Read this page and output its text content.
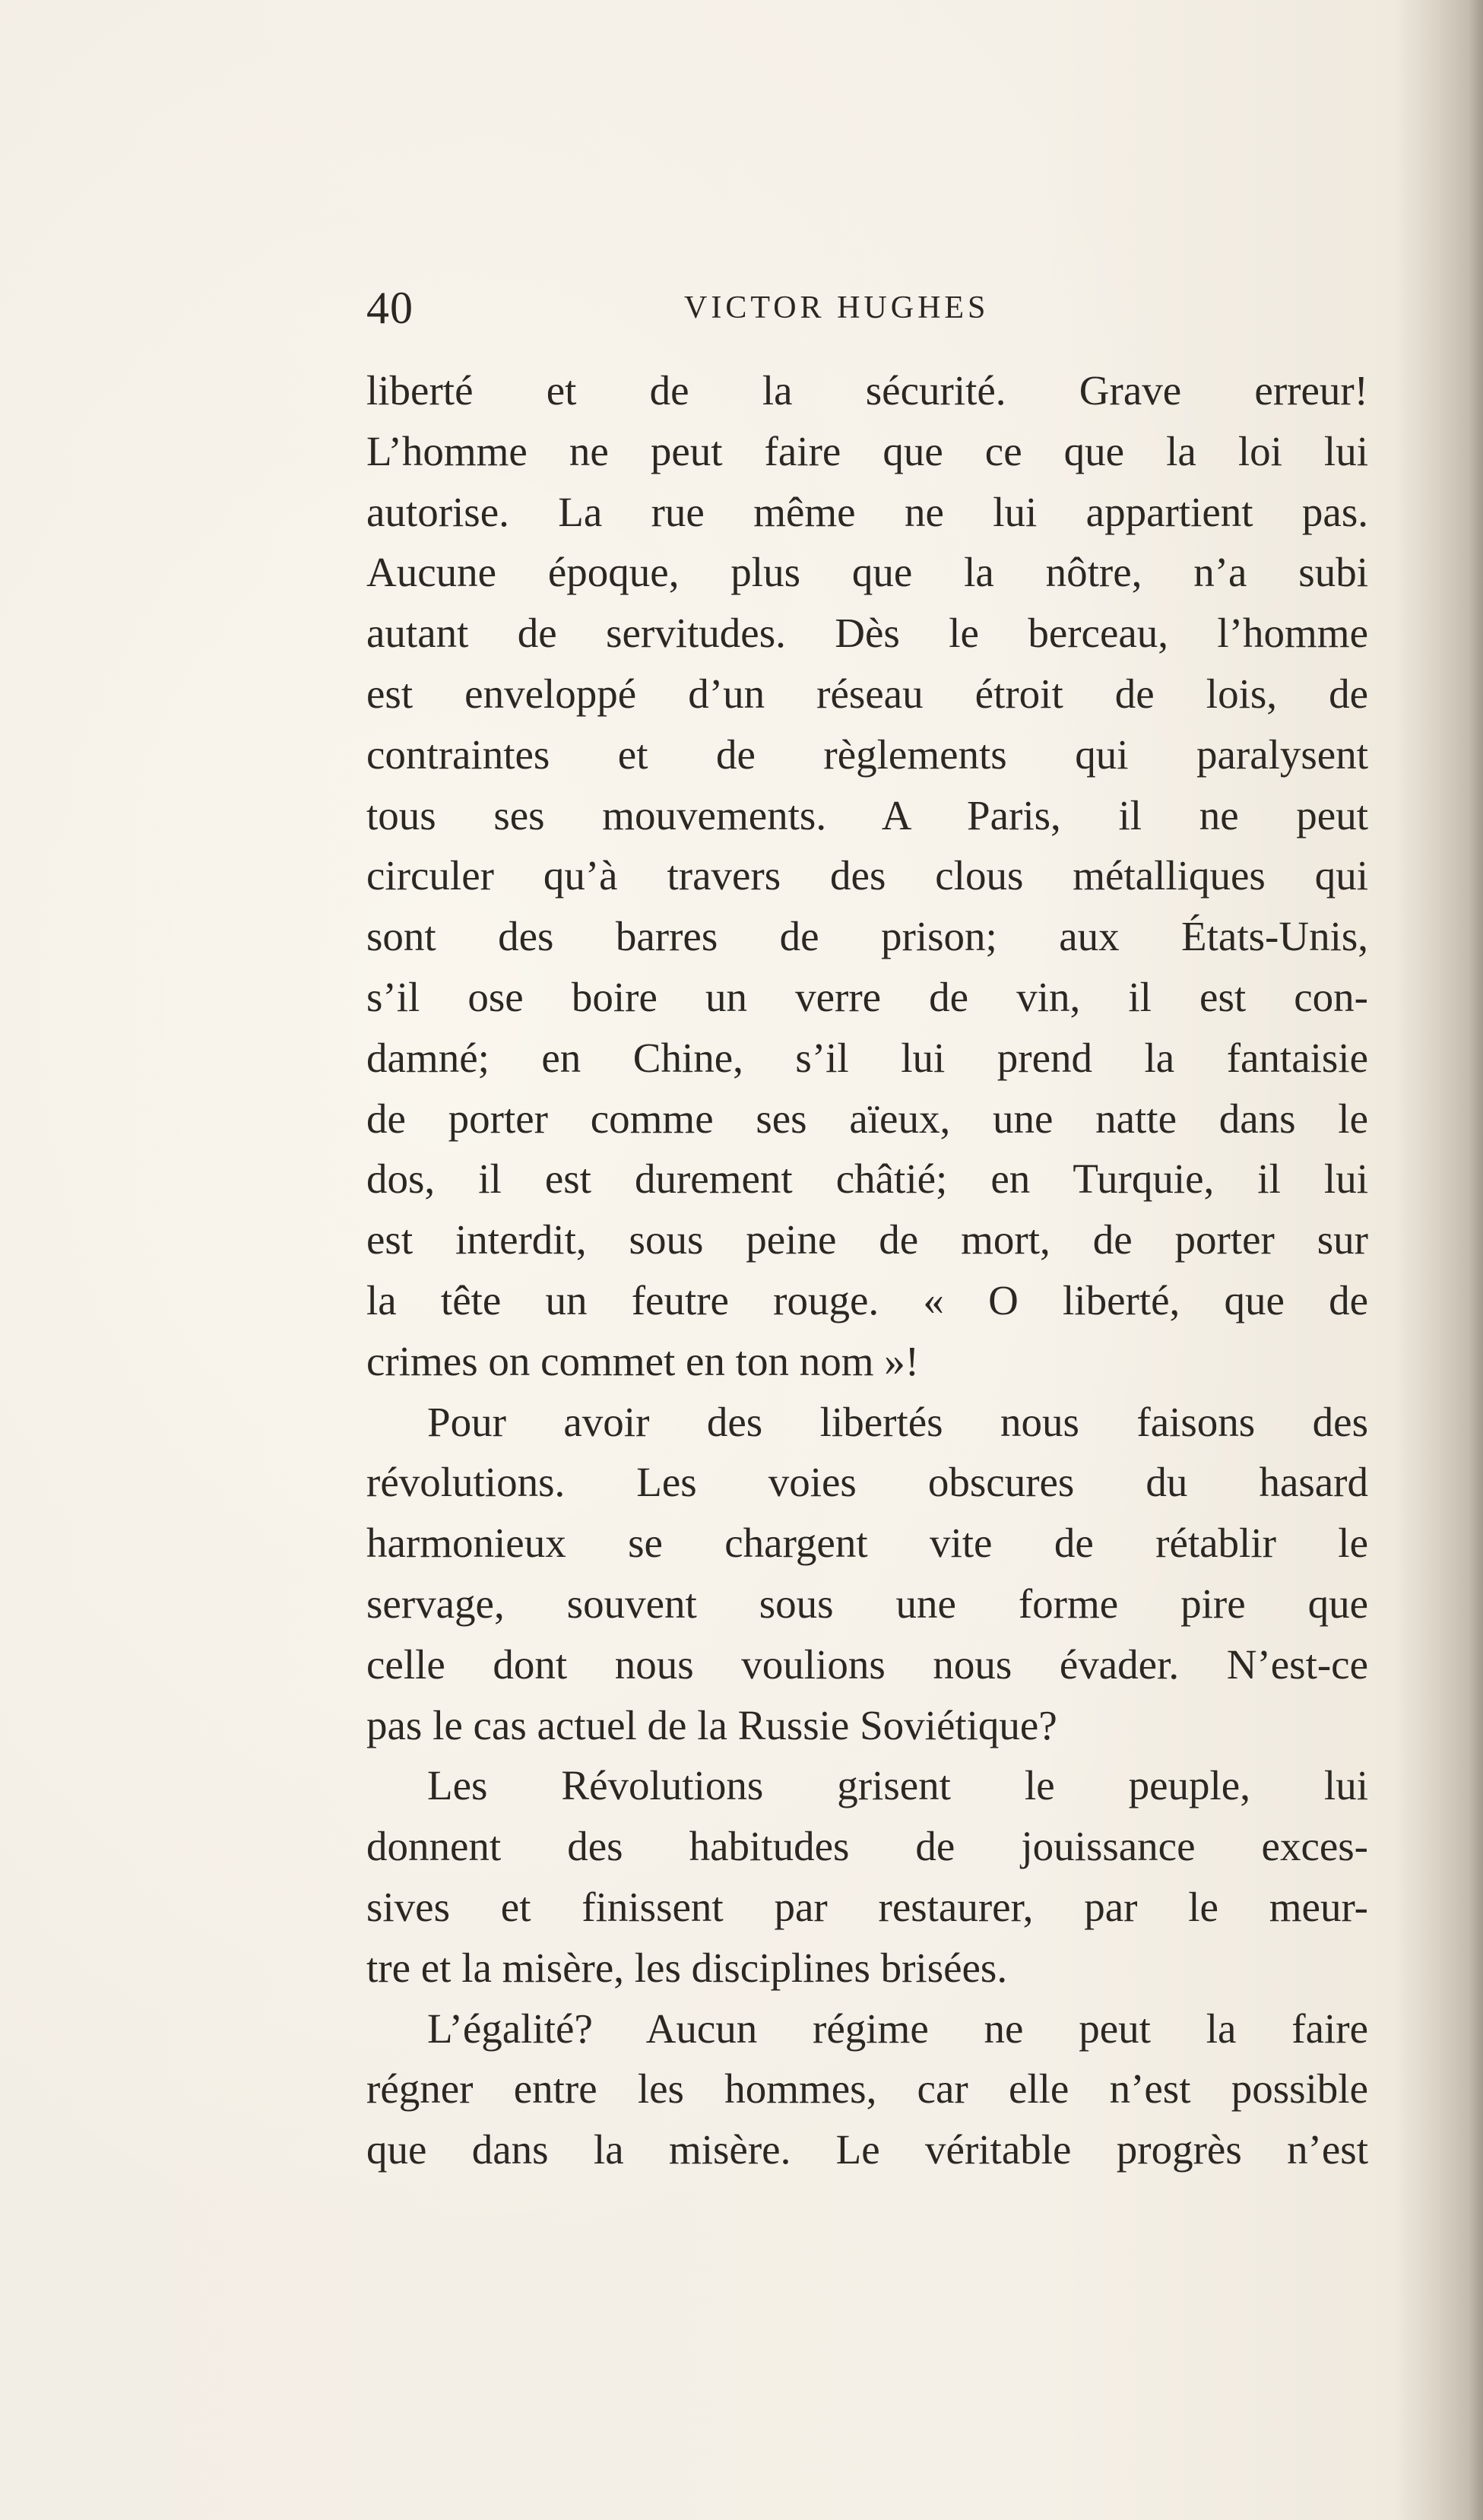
40	VICTOR HUGHES
liberté et de la sécurité. Grave erreur!
L’homme ne peut faire que ce que la loi lui
autorise. La rue même ne lui appartient pas.
Aucune époque, plus que la nôtre, n’a subi
autant de servitudes. Dès le berceau, l’homme
est enveloppé d’un réseau étroit de lois, de
contraintes et de règlements qui paralysent
tous ses mouvements. A Paris, il ne peut
circuler qu’à travers des clous métalliques qui
sont des barres de prison; aux États-Unis,
s’il ose boire un verre de vin, il est con-
damné; en Chine, s’il lui prend la fantaisie
de porter comme ses aïeux, une natte dans le
dos, il est durement châtié; en Turquie, il lui
est interdit, sous peine de mort, de porter sur
la tête un feutre rouge. « O liberté, que de
crimes on commet en ton nom »!
Pour avoir des libertés nous faisons des
révolutions. Les voies obscures du hasard
harmonieux se chargent vite de rétablir le
servage, souvent sous une forme pire que
celle dont nous voulions nous évader. N’est-ce
pas le cas actuel de la Russie Soviétique?
Les Révolutions grisent le peuple, lui
donnent des habitudes de jouissance exces-
sives et finissent par restaurer, par le meur-
tre et la misère, les disciplines brisées.
L’égalité? Aucun régime ne peut la faire
régner entre les hommes, car elle n’est possible
que dans la misère. Le véritable progrès n’est
